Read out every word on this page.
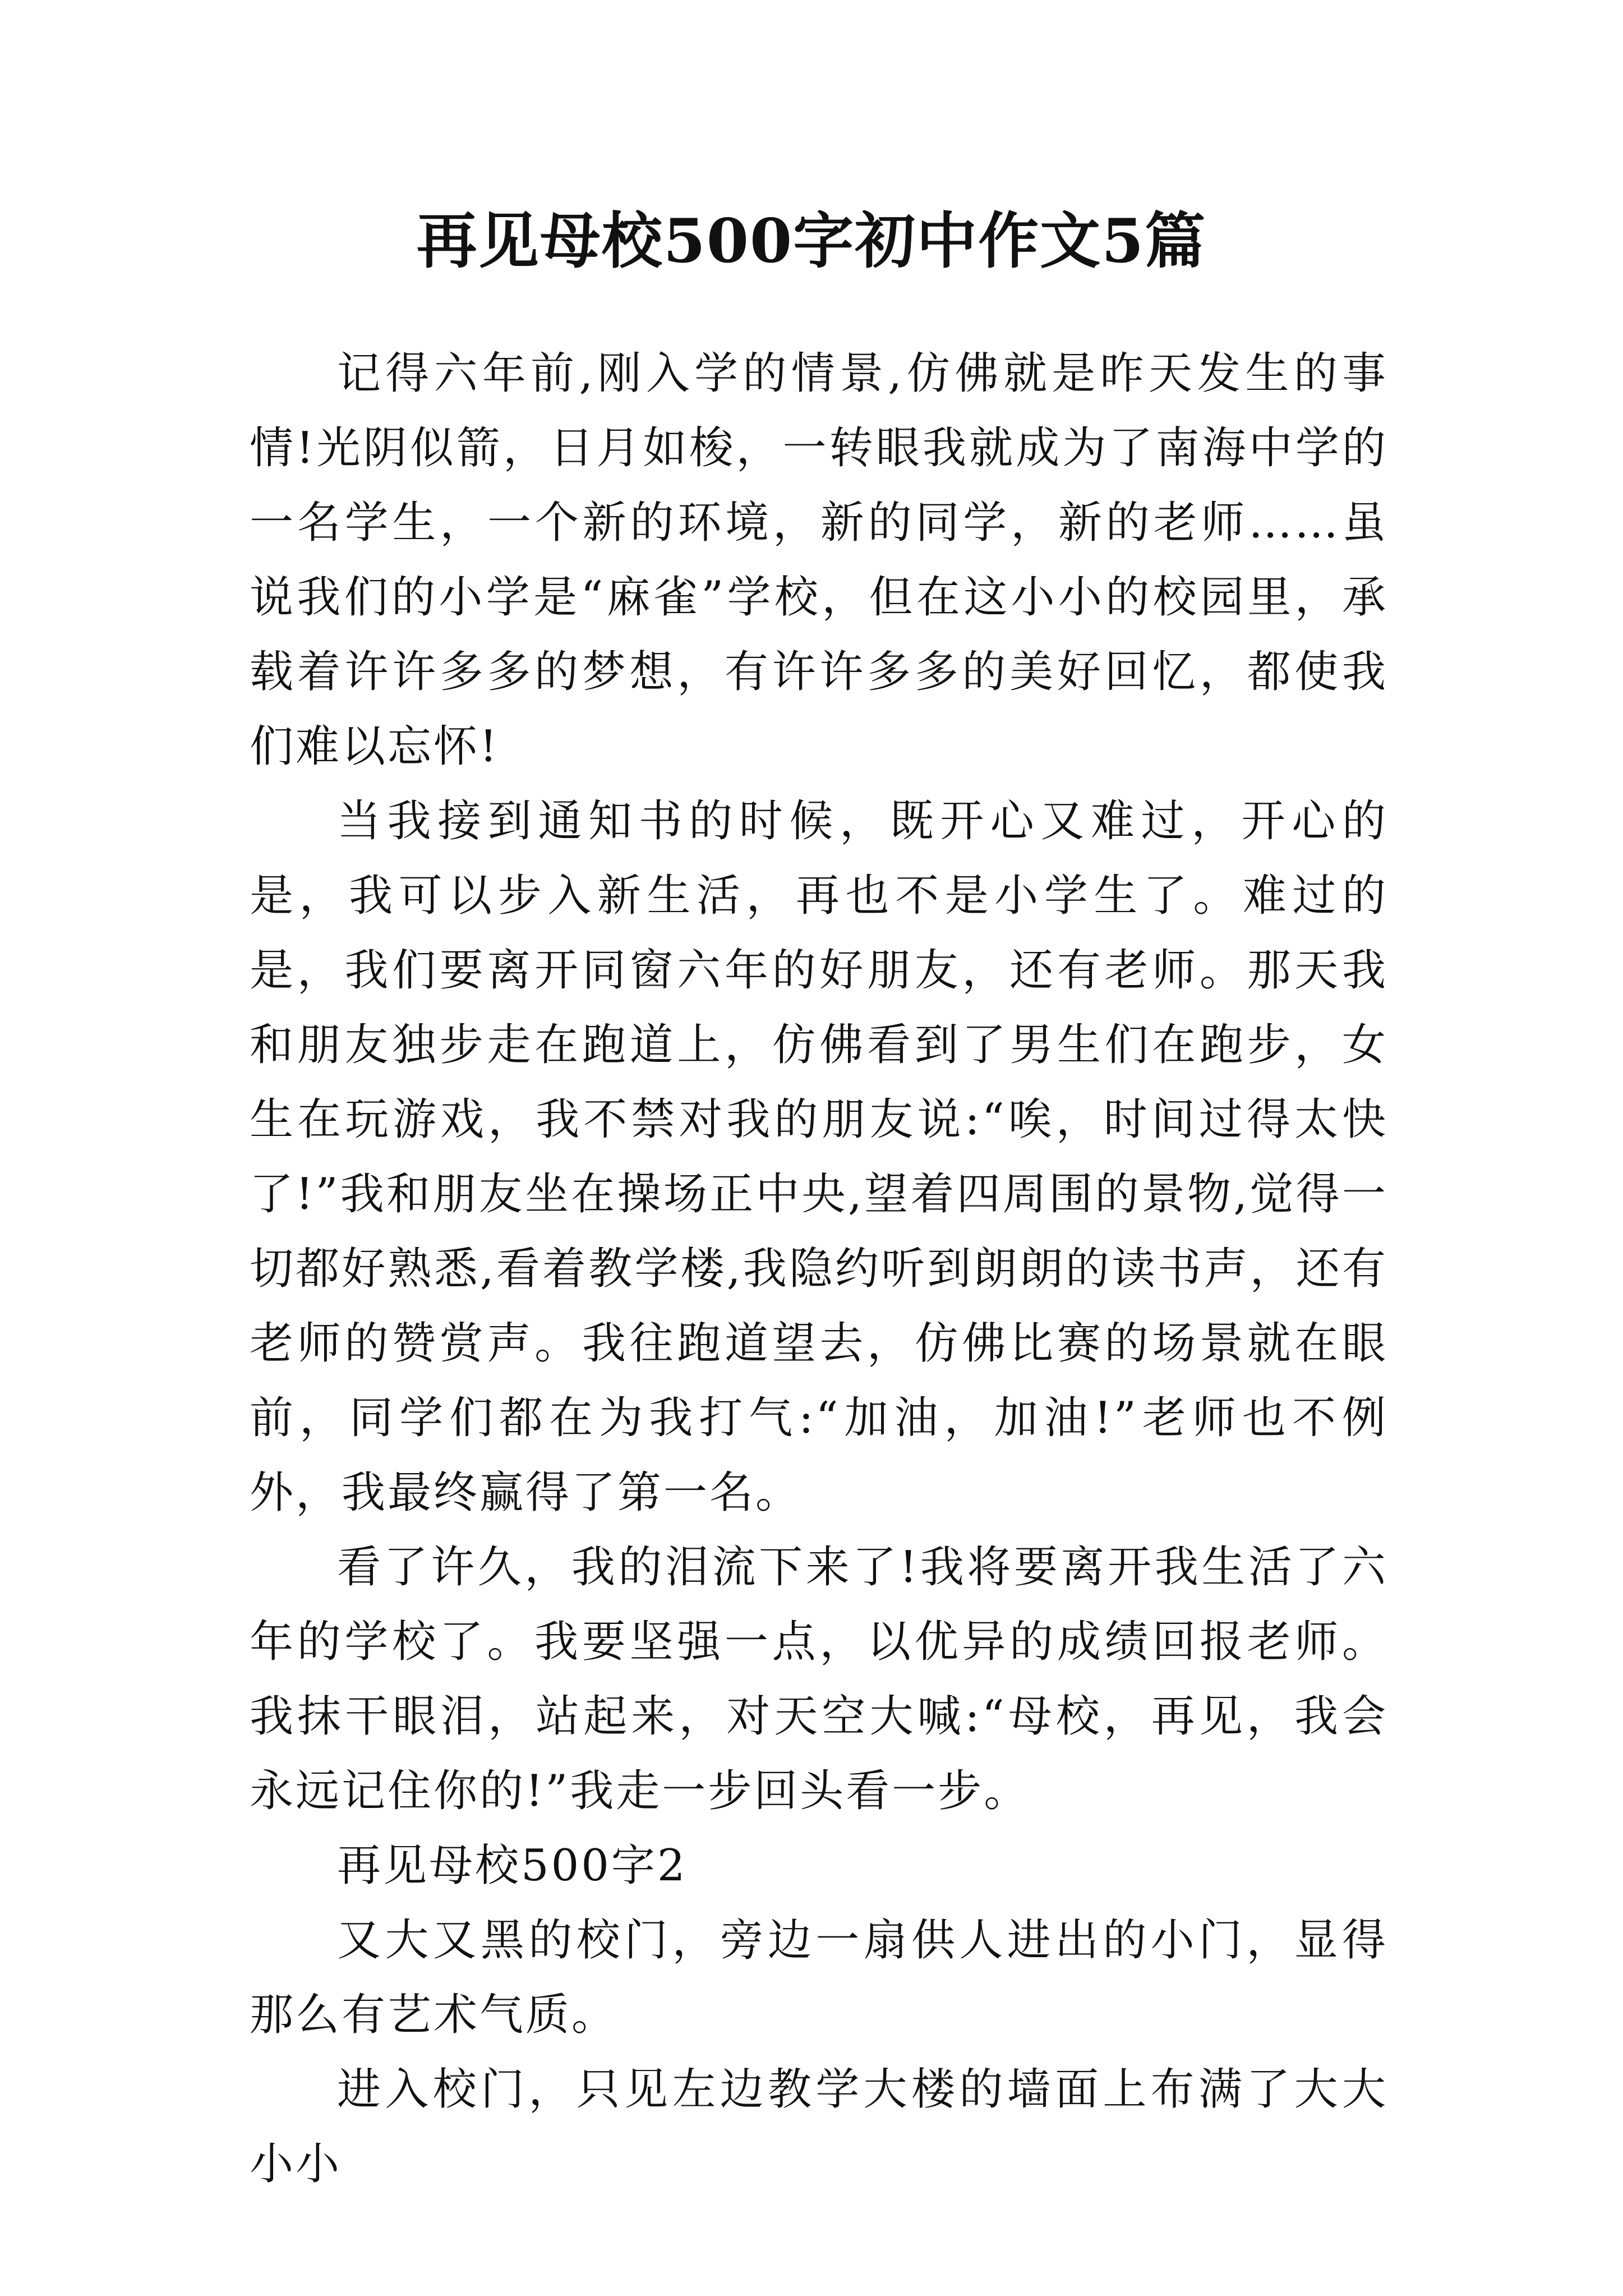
再见母校500字初中作文5篇

记得六年前,刚入学的情景,仿佛就是昨天发生的事情!光阴似箭，日月如梭，一转眼我就成为了南海中学的一名学生，一个新的环境，新的同学，新的老师……虽说我们的小学是“麻雀”学校，但在这小小的校园里，承载着许许多多的梦想，有许许多多的美好回忆，都使我们难以忘怀!

当我接到通知书的时候，既开心又难过，开心的是，我可以步入新生活，再也不是小学生了。难过的是，我们要离开同窗六年的好朋友，还有老师。那天我和朋友独步走在跑道上，仿佛看到了男生们在跑步，女生在玩游戏，我不禁对我的朋友说:“唉，时间过得太快了!”我和朋友坐在操场正中央,望着四周围的景物,觉得一切都好熟悉,看着教学楼,我隐约听到朗朗的读书声，还有老师的赞赏声。我往跑道望去，仿佛比赛的场景就在眼前，同学们都在为我打气:“加油，加油!”老师也不例外，我最终赢得了第一名。

看了许久，我的泪流下来了!我将要离开我生活了六年的学校了。我要坚强一点，以优异的成绩回报老师。我抹干眼泪，站起来，对天空大喊:“母校，再见，我会永远记住你的!”我走一步回头看一步。

再见母校500字2

又大又黑的校门，旁边一扇供人进出的小门，显得那么有艺术气质。

进入校门，只见左边教学大楼的墙面上布满了大大小小
